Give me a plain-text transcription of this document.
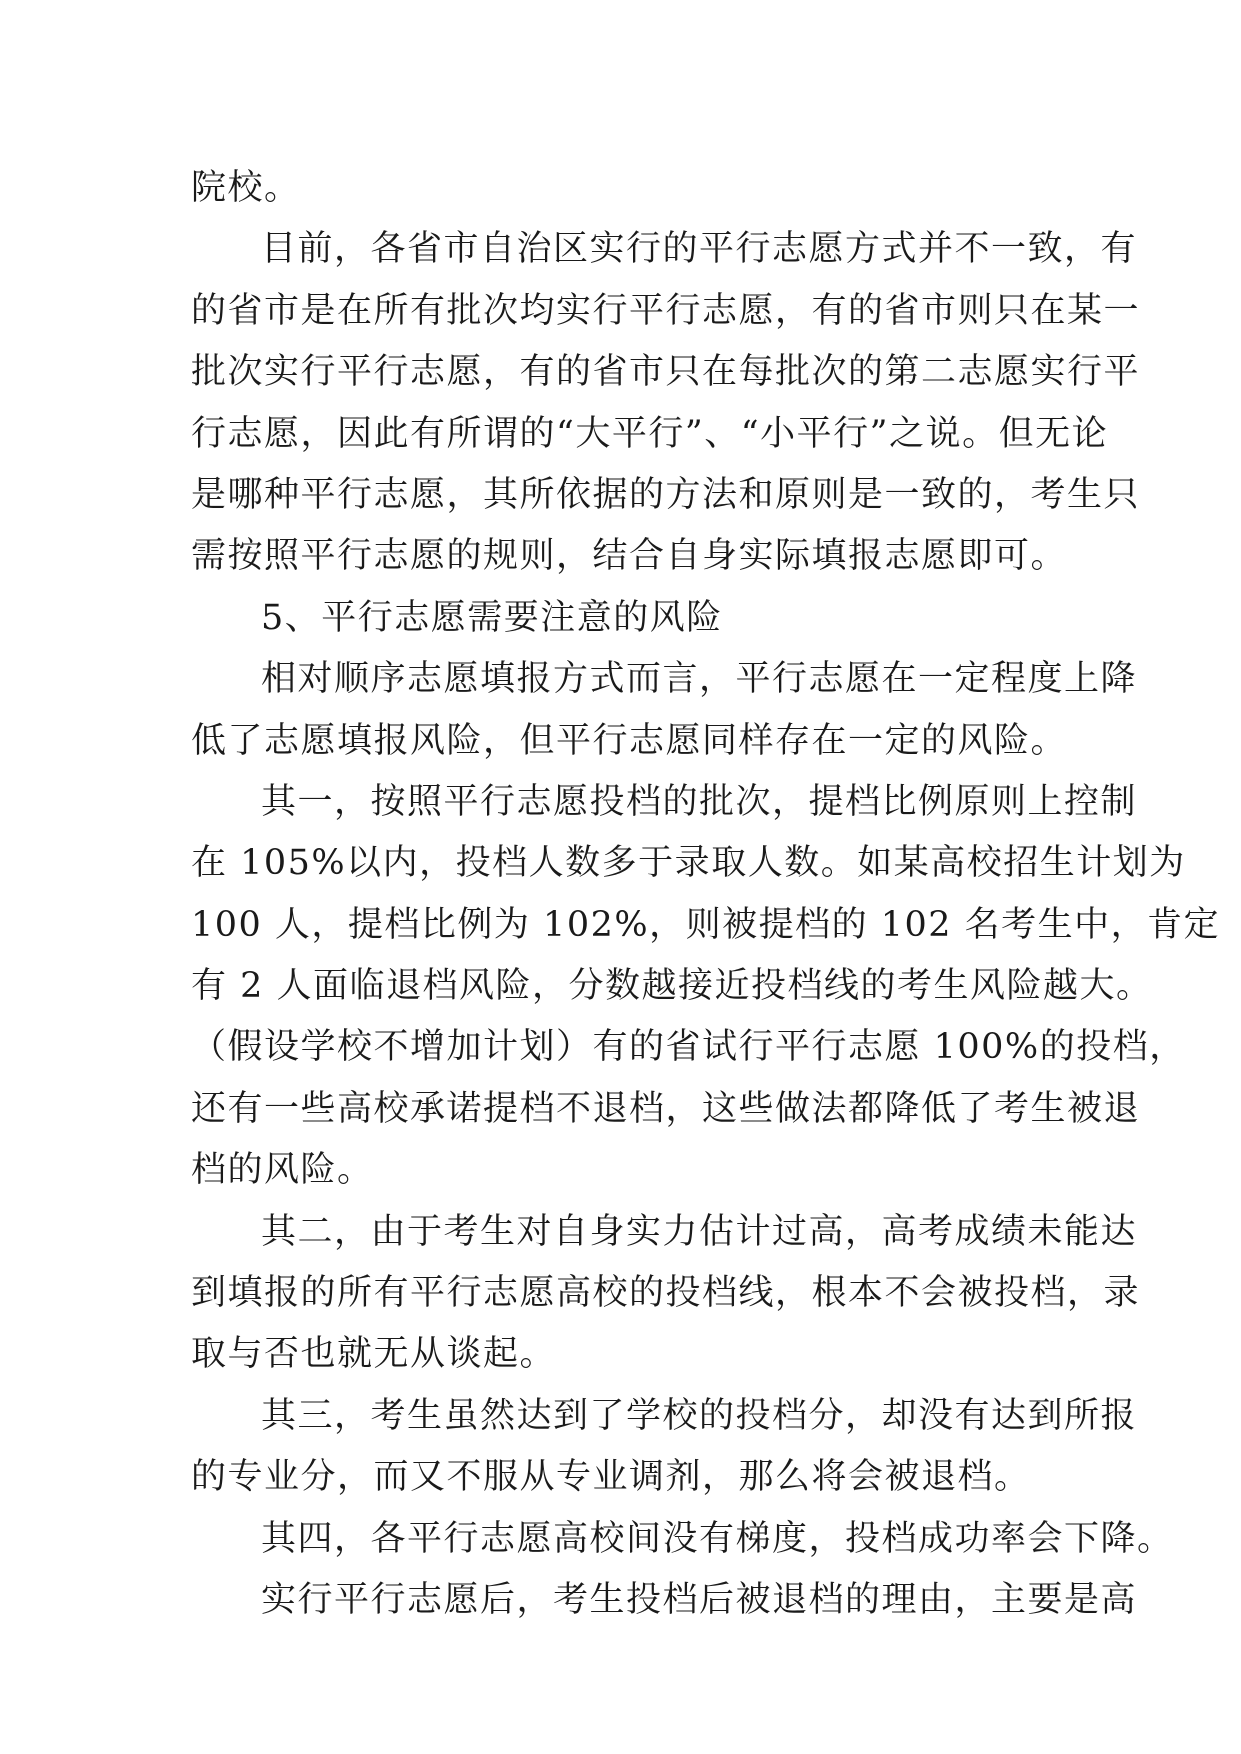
院校。
目前，各省市自治区实行的平行志愿方式并不一致，有
的省市是在所有批次均实行平行志愿，有的省市则只在某一
批次实行平行志愿，有的省市只在每批次的第二志愿实行平
行志愿，因此有所谓的“大平行”、“小平行”之说。但无论
是哪种平行志愿，其所依据的方法和原则是一致的，考生只
需按照平行志愿的规则，结合自身实际填报志愿即可。
5、平行志愿需要注意的风险
相对顺序志愿填报方式而言，平行志愿在一定程度上降
低了志愿填报风险，但平行志愿同样存在一定的风险。
其一，按照平行志愿投档的批次，提档比例原则上控制
在 105%以内，投档人数多于录取人数。如某高校招生计划为
100 人，提档比例为 102%，则被提档的 102 名考生中，肯定
有 2 人面临退档风险，分数越接近投档线的考生风险越大。
（假设学校不增加计划）有的省试行平行志愿 100%的投档，
还有一些高校承诺提档不退档，这些做法都降低了考生被退
档的风险。
其二，由于考生对自身实力估计过高，高考成绩未能达
到填报的所有平行志愿高校的投档线，根本不会被投档，录
取与否也就无从谈起。
其三，考生虽然达到了学校的投档分，却没有达到所报
的专业分，而又不服从专业调剂，那么将会被退档。
其四，各平行志愿高校间没有梯度，投档成功率会下降。
实行平行志愿后，考生投档后被退档的理由，主要是高
